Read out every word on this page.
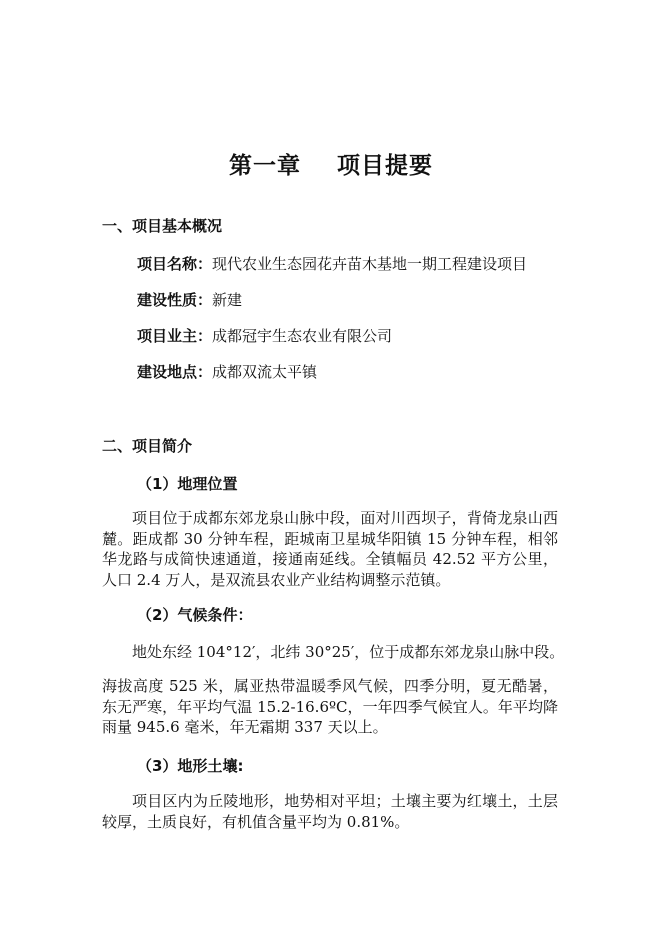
第一章    项目提要
一、项目基本概况
项目名称：现代农业生态园花卉苗木基地一期工程建设项目
建设性质：新建
项目业主：成都冠宇生态农业有限公司
建设地点：成都双流太平镇
二、项目简介
（1）地理位置
项目位于成都东郊龙泉山脉中段，面对川西坝子，背倚龙泉山西麓。距成都 30 分钟车程，距城南卫星城华阳镇 15 分钟车程，相邻华龙路与成简快速通道，接通南延线。全镇幅员 42.52 平方公里，人口 2.4 万人，是双流县农业产业结构调整示范镇。
（2）气候条件：
地处东经 104°12′，北纬 30°25′，位于成都东郊龙泉山脉中段。
海拔高度 525 米，属亚热带温暖季风气候，四季分明，夏无酷暑，东无严寒，年平均气温 15.2-16.6ºC，一年四季气候宜人。年平均降雨量 945.6 毫米，年无霜期 337 天以上。
（3）地形土壤:
项目区内为丘陵地形，地势相对平坦；土壤主要为红壤土，土层较厚，土质良好，有机值含量平均为 0.81%。
